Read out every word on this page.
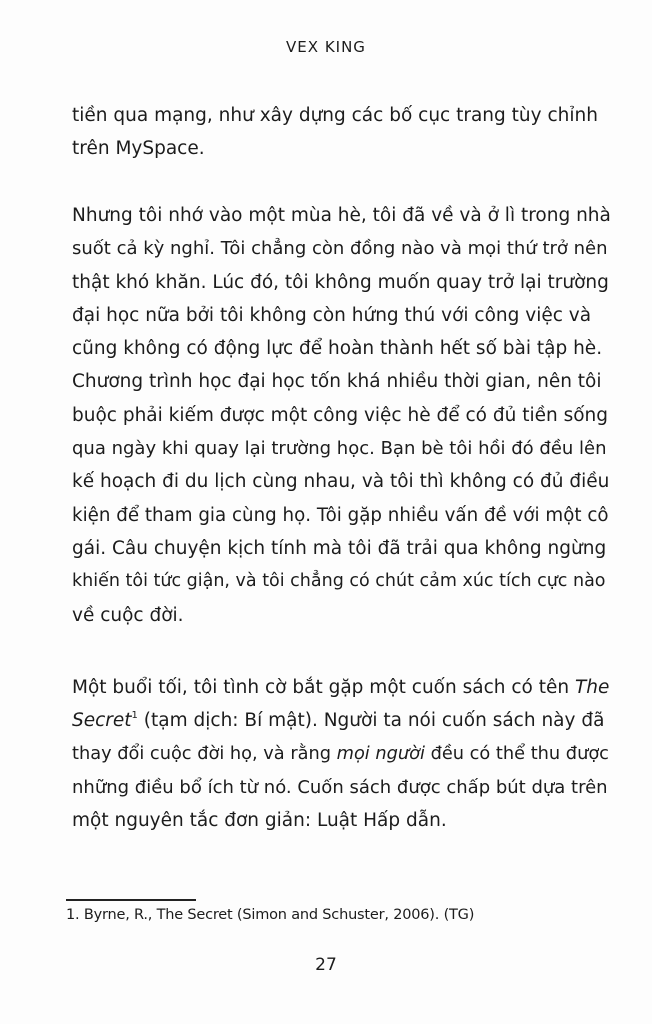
VEX KING
tiền qua mạng, như xây dựng các bố cục trang tùy chỉnh
trên MySpace.
Nhưng tôi nhớ vào một mùa hè, tôi đã về và ở lì trong nhà
suốt cả kỳ nghỉ. Tôi chẳng còn đồng nào và mọi thứ trở nên
thật khó khăn. Lúc đó, tôi không muốn quay trở lại trường
đại học nữa bởi tôi không còn hứng thú với công việc và
cũng không có động lực để hoàn thành hết số bài tập hè.
Chương trình học đại học tốn khá nhiều thời gian, nên tôi
buộc phải kiếm được một công việc hè để có đủ tiền sống
qua ngày khi quay lại trường học. Bạn bè tôi hồi đó đều lên
kế hoạch đi du lịch cùng nhau, và tôi thì không có đủ điều
kiện để tham gia cùng họ. Tôi gặp nhiều vấn đề với một cô
gái. Câu chuyện kịch tính mà tôi đã trải qua không ngừng
khiến tôi tức giận, và tôi chẳng có chút cảm xúc tích cực nào
về cuộc đời.
Một buổi tối, tôi tình cờ bắt gặp một cuốn sách có tên The
Secret$^1$ (tạm dịch: Bí mật). Người ta nói cuốn sách này đã
thay đổi cuộc đời họ, và rằng mọi người đều có thể thu được
những điều bổ ích từ nó. Cuốn sách được chấp bút dựa trên
một nguyên tắc đơn giản: Luật Hấp dẫn.
1. Byrne, R., The Secret (Simon and Schuster, 2006). (TG)
27
